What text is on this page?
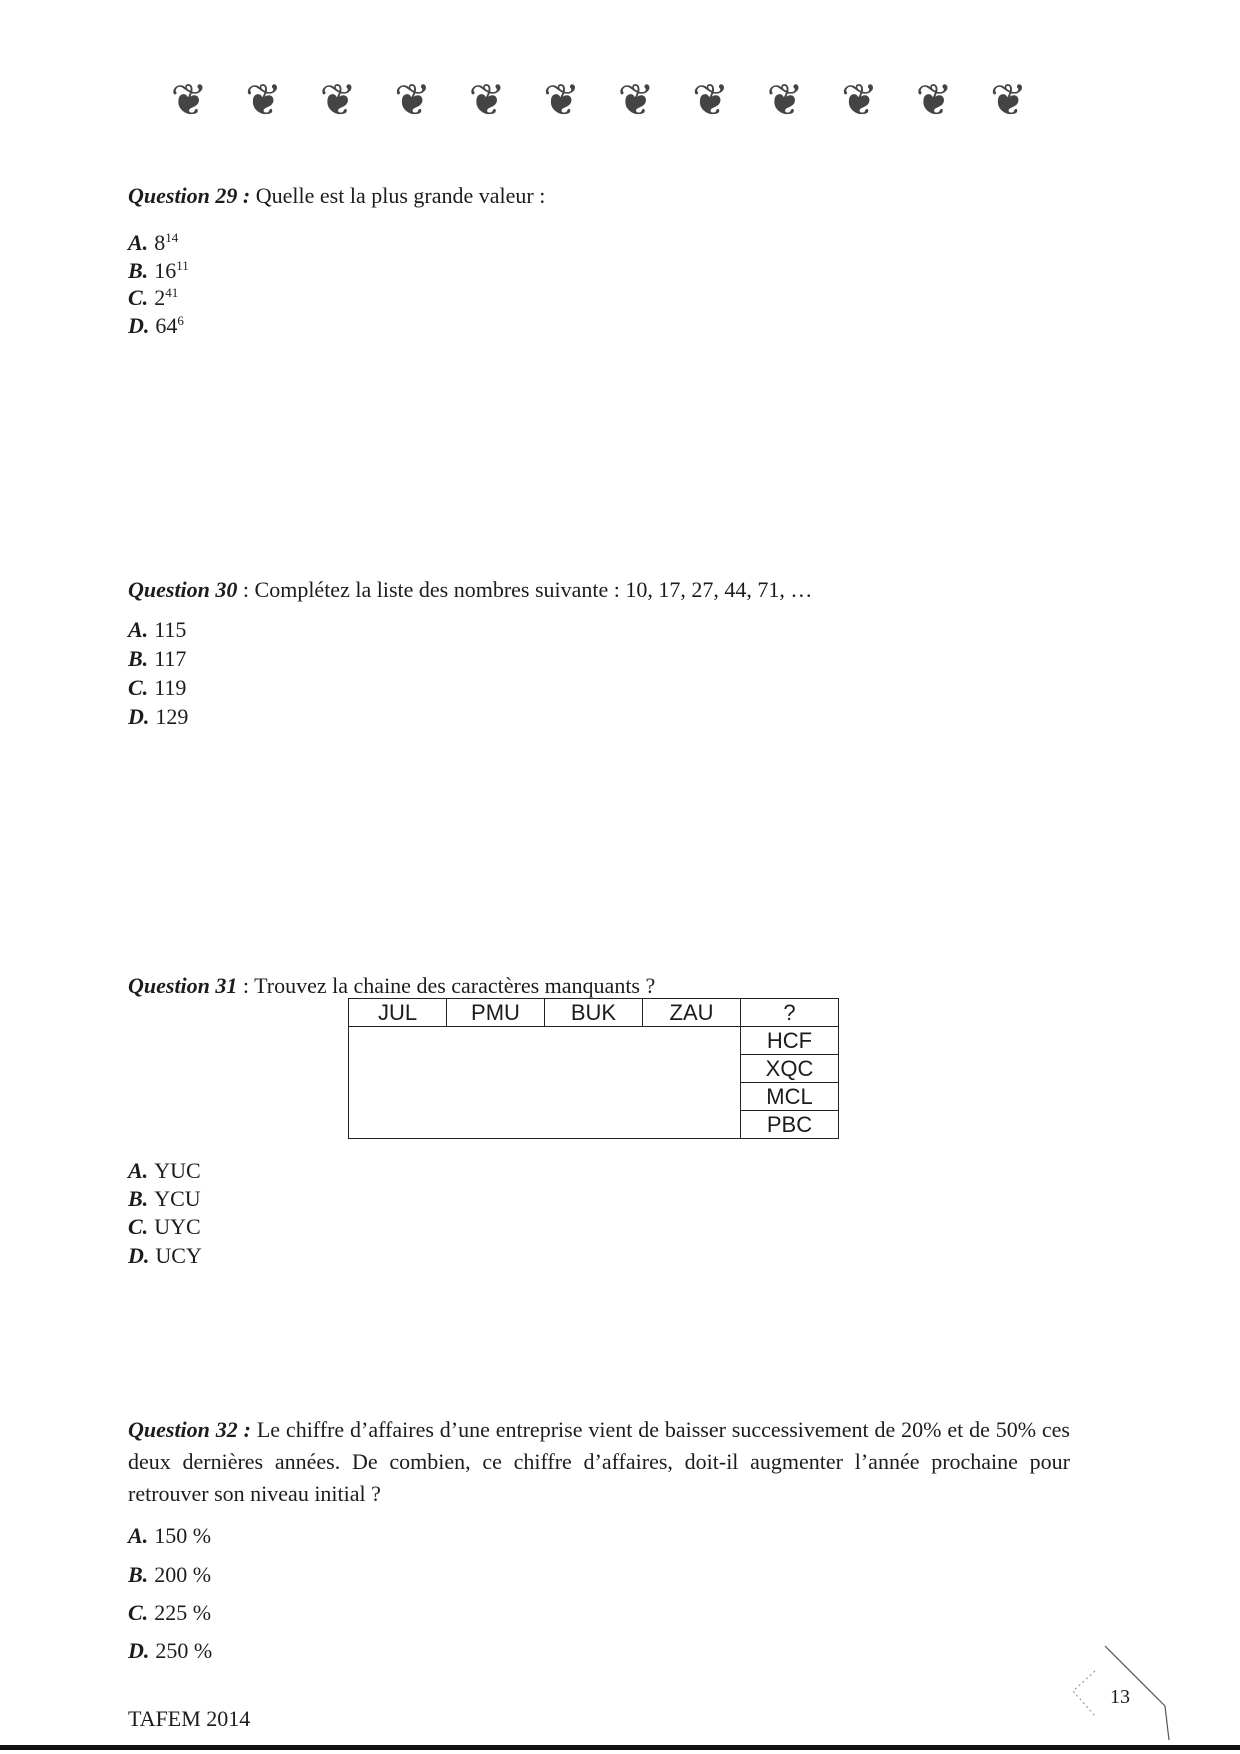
❦ ❦ ❦ ❦ ❦ ❦ ❦ ❦ ❦ ❦ ❦ ❦
Question 29 : Quelle est la plus grande valeur :
A. $8^{14}$
B. $16^{11}$
C. $2^{41}$
D. $64^6$
Question 30 : Complétez la liste des nombres suivante : 10, 17, 27, 44, 71, …
A. 115
B. 117
C. 119
D. 129
Question 31 : Trouvez la chaine des caractères manquants ?
JUL	PMU	BUK	ZAU	?
				HCF
				XQC
				MCL
				PBC
A. YUC
B. YCU
C. UYC
D. UCY
Question 32 : Le chiffre d’affaires d’une entreprise vient de baisser successivement de 20% et de 50% ces deux dernières années. De combien, ce chiffre d’affaires, doit-il augmenter l’année prochaine pour retrouver son niveau initial ?
A. 150 %
B. 200 %
C. 225 %
D. 250 %
TAFEM 2014
13
